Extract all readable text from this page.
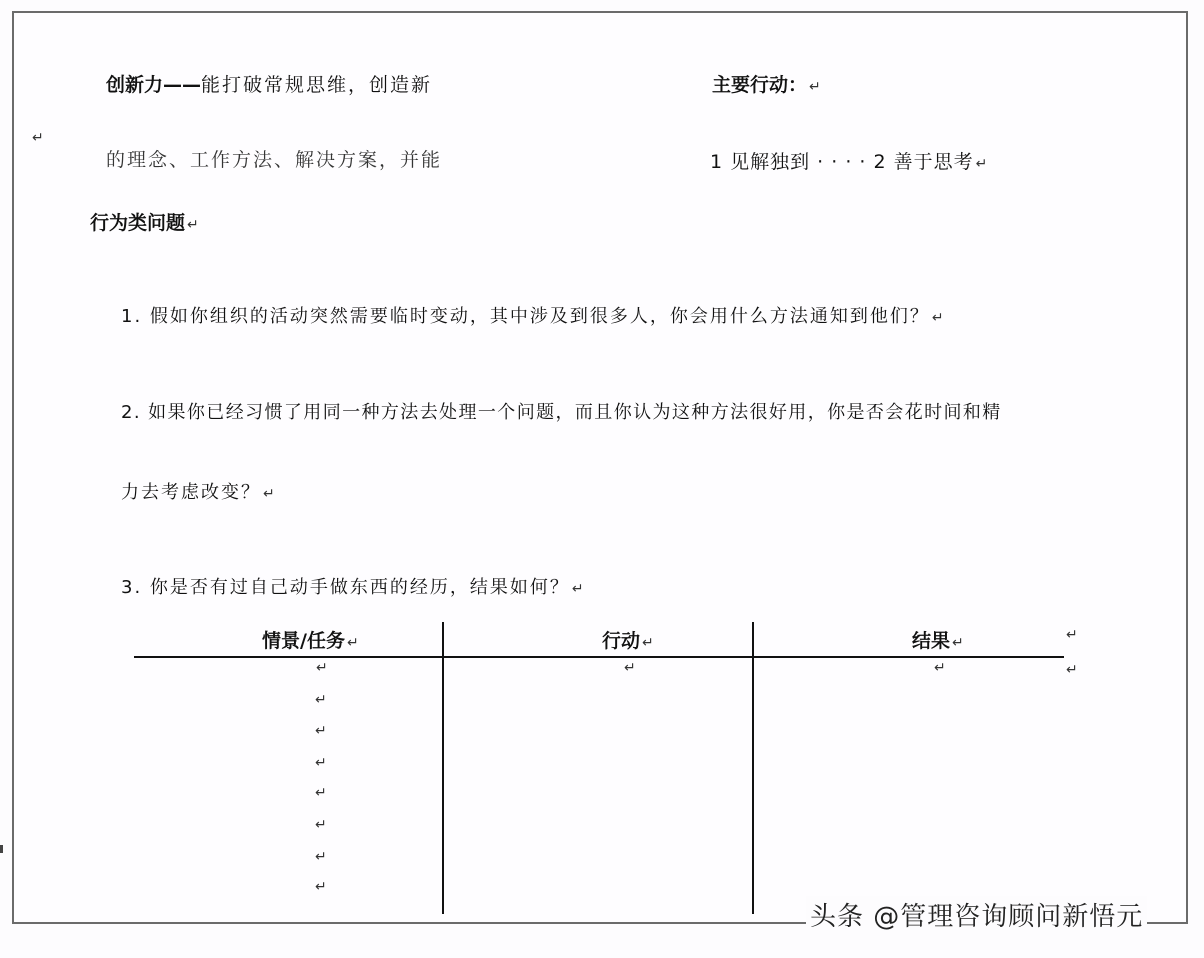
创新力——能打破常规思维，创造新
↵
的理念、工作方法、解决方案，并能
主要行动： ↵
1 见解独到 · · · · 2 善于思考 ↵
行为类问题 ↵
1. 假如你组织的活动突然需要临时变动，其中涉及到很多人，你会用什么方法通知到他们？ ↵
2. 如果你已经习惯了用同一种方法去处理一个问题，而且你认为这种方法很好用，你是否会花时间和精
力去考虑改变？ ↵
3. 你是否有过自己动手做东西的经历，结果如何？ ↵
情景/任务 ↵	行动 ↵	结果 ↵	↵
↵	↵	↵	↵
↵
↵
↵
↵
↵
↵
↵
头条 @管理咨询顾问新悟元
